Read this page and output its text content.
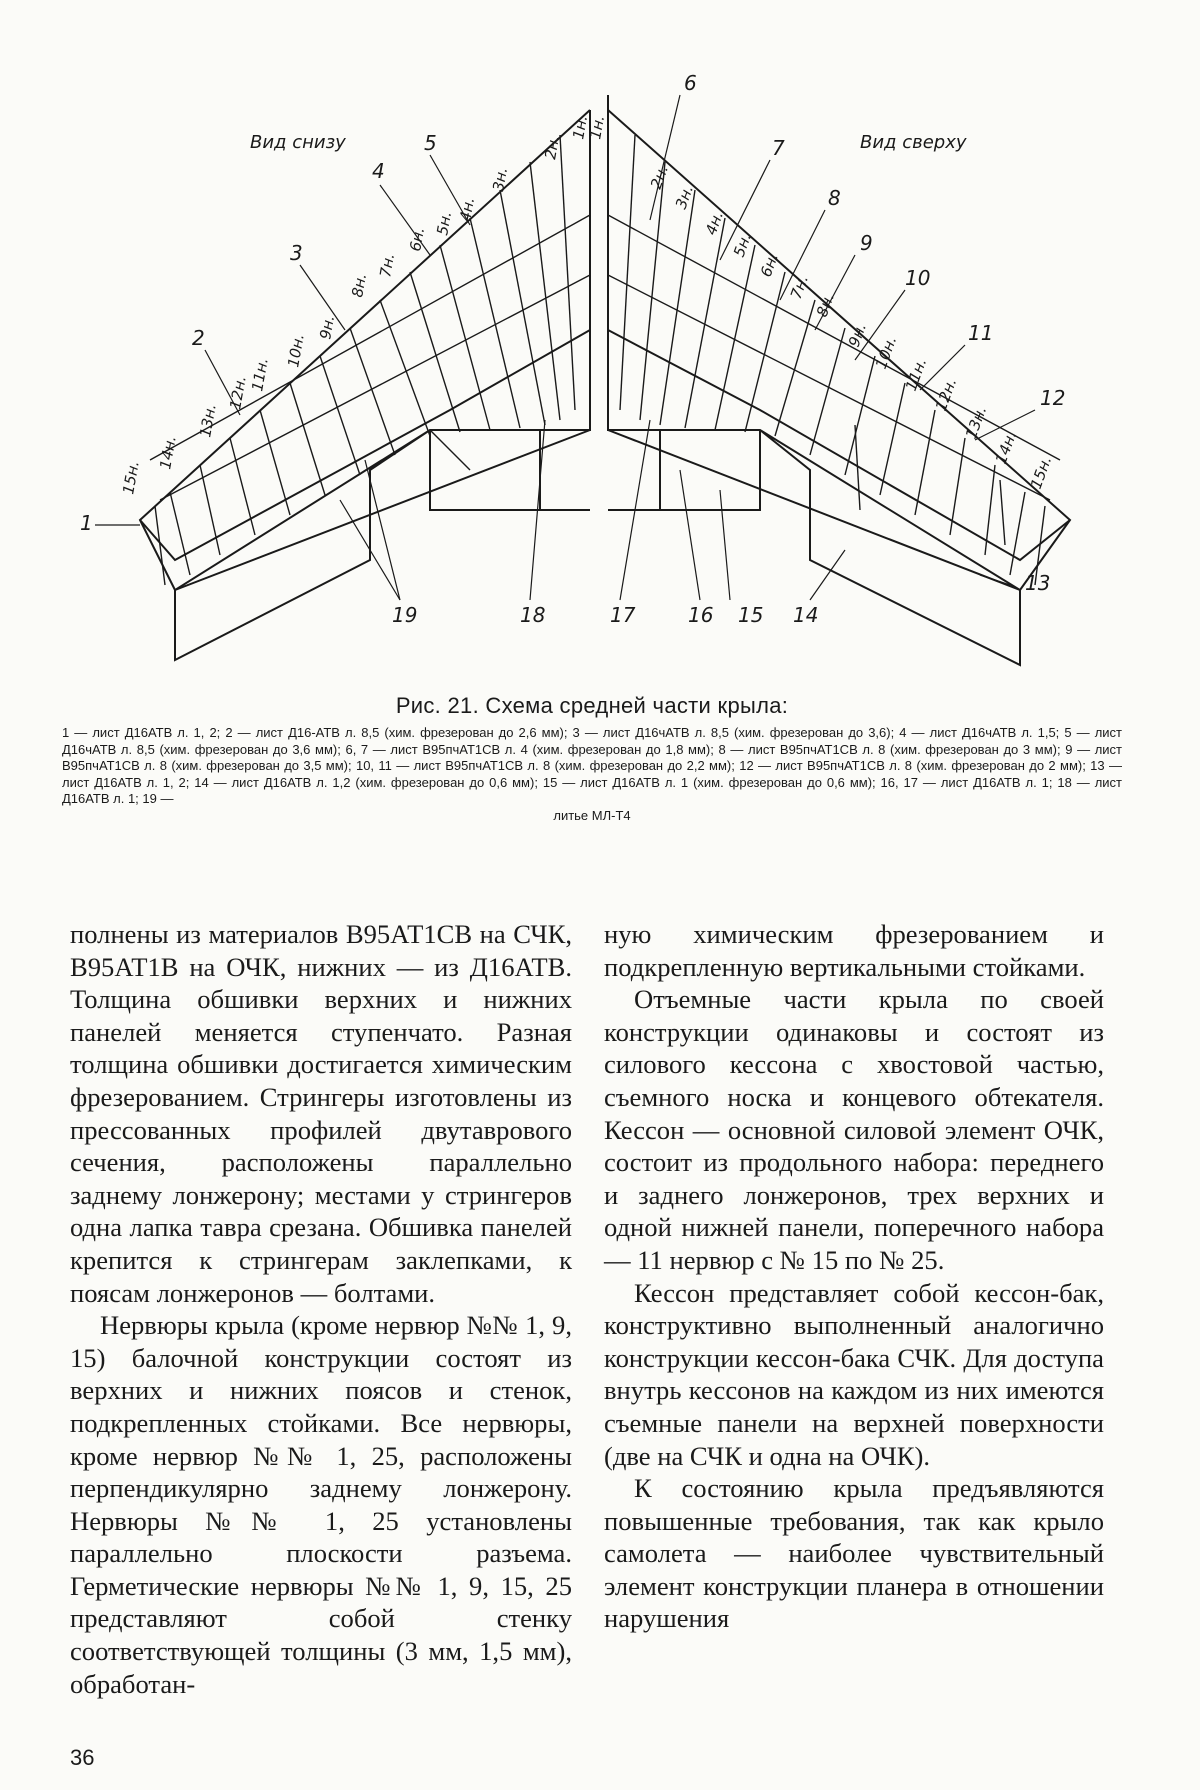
Вид снизу	Вид сверху
1
2
3
4
5
6
7
8
9
10
11
12
13
14
15
16
17
18
19
1н.
2н.
3н.
4н.
5н.
6н.
7н.
8н.
9н.
10н.
11н.
12н.
13н.
14н.
15н.
1н.
2н.
3н.
4н.
5н.
6н.
7н.
8н.
9н. 10н.
11н.
12н.
13н.
14н.
15н.

Рис. 21. Схема средней части крыла:

1 — лист Д16АТВ л. 1, 2; 2 — лист Д16-АТВ л. 8,5 (хим. фрезерован до 2,6 мм); 3 — лист Д16чАТВ л. 8,5 (хим. фрезерован до 3,6); 4 — лист Д16чАТВ л. 1,5; 5 — лист Д16чАТВ л. 8,5 (хим. фрезерован до 3,6 мм); 6, 7 — лист В95пчАТ1СВ л. 4 (хим. фрезерован до 1,8 мм); 8 — лист В95пчАТ1СВ л. 8 (хим. фрезерован до 3 мм); 9 — лист В95пчАТ1СВ л. 8 (хим. фрезерован до 3,5 мм); 10, 11 — лист В95пчАТ1СВ л. 8 (хим. фрезерован до 2,2 мм); 12 — лист В95пчАТ1СВ л. 8 (хим. фрезерован до 2 мм); 13 — лист Д16АТВ л. 1, 2; 14 — лист Д16АТВ л. 1,2 (хим. фрезерован до 0,6 мм); 15 — лист Д16АТВ л. 1 (хим. фрезерован до 0,6 мм); 16, 17 — лист Д16АТВ л. 1; 18 — лист Д16АТВ л. 1; 19 —
литье МЛ-Т4

полнены из материалов В95АТ1СВ на СЧК, В95АТ1В на ОЧК, нижних — из Д16АТВ. Толщина обшивки верхних и нижних панелей меняется ступенчато. Разная толщина обшивки достигается химическим фрезерованием. Стрингеры изготовлены из прессованных профилей двутаврового сечения, расположены параллельно заднему лонжерону; местами у стрингеров одна лапка тавра срезана. Обшивка панелей крепится к стрингерам заклепками, к поясам лонжеронов — болтами.

Нервюры крыла (кроме нервюр №№ 1, 9, 15) балочной конструкции состоят из верхних и нижних поясов и стенок, подкрепленных стойками. Все нервюры, кроме нервюр №№ 1, 25, расположены перпендикулярно заднему лонжерону. Нервюры №№ 1, 25 установлены параллельно плоскости разъема. Герметические нервюры №№ 1, 9, 15, 25 представляют собой стенку соответствующей толщины (3 мм, 1,5 мм), обработан-

ную химическим фрезерованием и подкрепленную вертикальными стойками.

Отъемные части крыла по своей конструкции одинаковы и состоят из силового кессона с хвостовой частью, съемного носка и концевого обтекателя. Кессон — основной силовой элемент ОЧК, состоит из продольного набора: переднего и заднего лонжеронов, трех верхних и одной нижней панели, поперечного набора — 11 нервюр с № 15 по № 25.

Кессон представляет собой кессон-бак, конструктивно выполненный аналогично конструкции кессон-бака СЧК. Для доступа внутрь кессонов на каждом из них имеются съемные панели на верхней поверхности (две на СЧК и одна на ОЧК).

К состоянию крыла предъявляются повышенные требования, так как крыло самолета — наиболее чувствительный элемент конструкции планера в отношении нарушения

36
